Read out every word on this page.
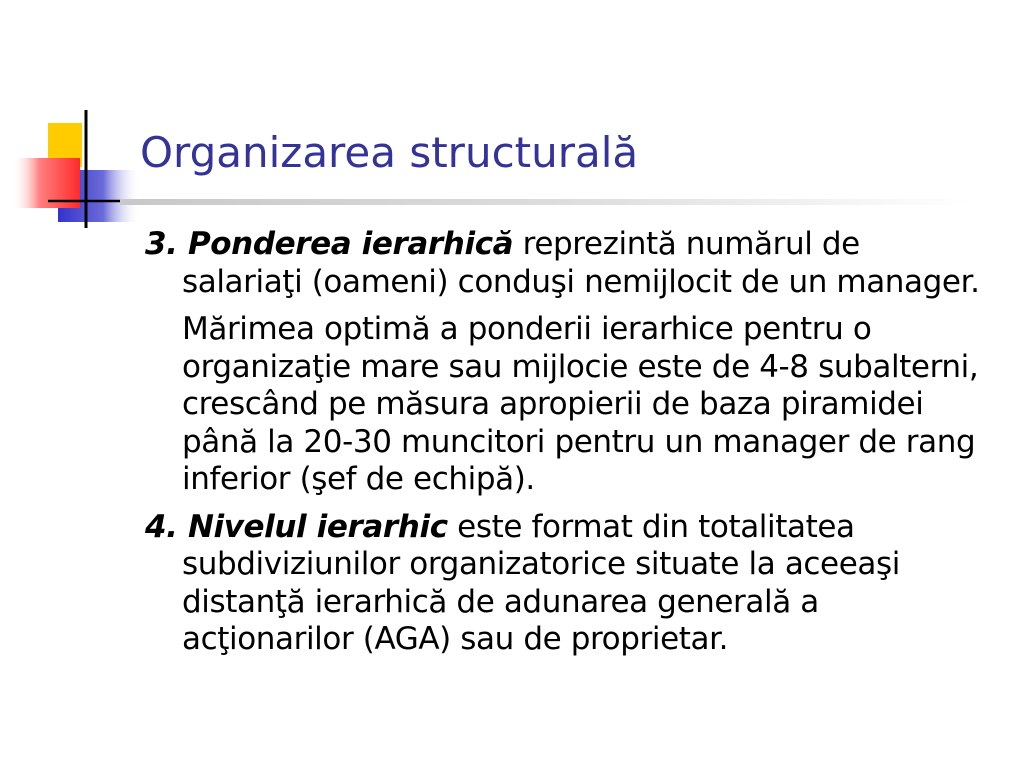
Organizarea structurală

3. Ponderea ierarhică reprezintă numărul de salariaţi (oameni) conduşi nemijlocit de un manager.

Mărimea optimă a ponderii ierarhice pentru o organizaţie mare sau mijlocie este de 4-8 subalterni, crescând pe măsura apropierii de baza piramidei până la 20-30 muncitori pentru un manager de rang inferior (şef de echipă).

4. Nivelul ierarhic este format din totalitatea subdiviziunilor organizatorice situate la aceeaşi distanţă ierarhică de adunarea generală a acţionarilor (AGA) sau de proprietar.
